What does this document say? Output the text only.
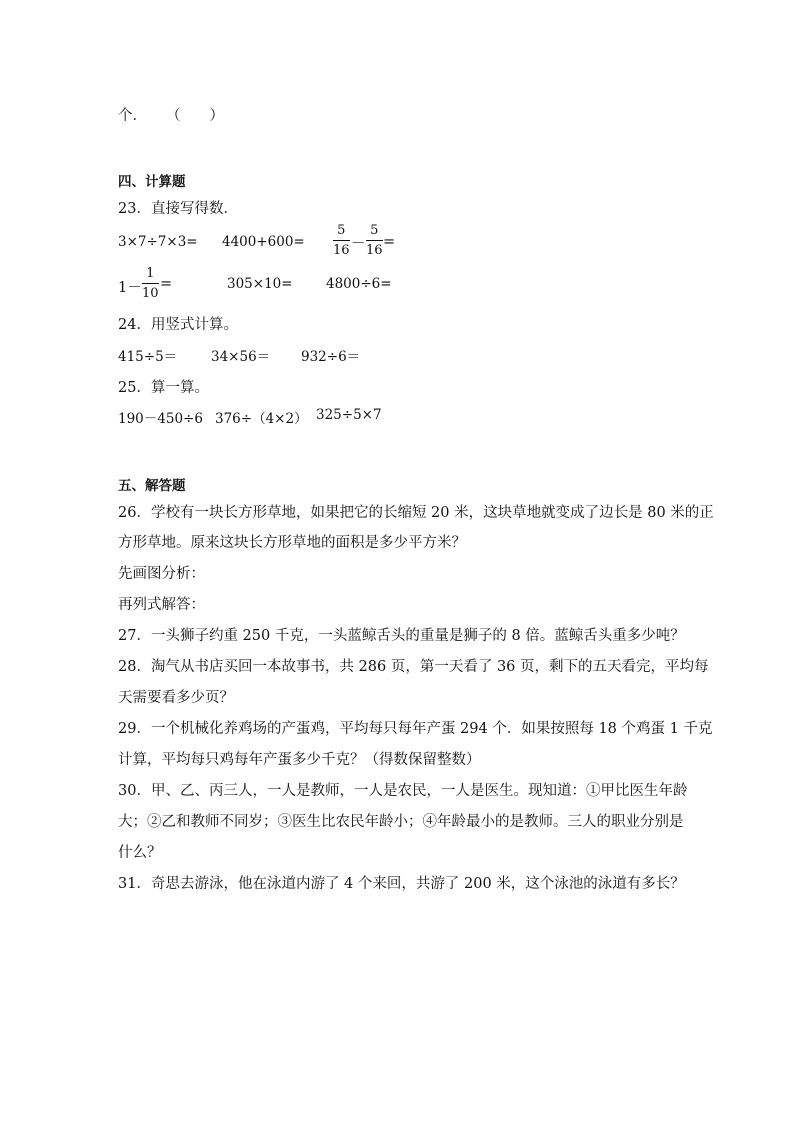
个． （　　）
四、计算题
23．直接写得数．
$3\times 7\div 7\times 3= 4400+600= \frac{5}{16} - \frac{5}{16}$ =
$1- \frac{1}{10}$ =	305×10= 4800÷6=
24．用竖式计算。
415÷5＝	34×56＝ 932÷6＝
25．算一算。
190－450÷6 376÷（4×2） 325÷5×7
五、解答题
26．学校有一块长方形草地，如果把它的长缩短 20 米，这块草地就变成了边长是 80 米的正
方形草地。原来这块长方形草地的面积是多少平方米？
先画图分析：
再列式解答：
27．一头狮子约重 250 千克，一头蓝鲸舌头的重量是狮子的 8 倍。蓝鲸舌头重多少吨？
28．淘气从书店买回一本故事书，共 286 页，第一天看了 36 页，剩下的五天看完，平均每
天需要看多少页？
29．一个机械化养鸡场的产蛋鸡，平均每只每年产蛋 294 个．如果按照每 18 个鸡蛋 1 千克
计算，平均每只鸡每年产蛋多少千克？（得数保留整数）
30．甲、乙、丙三人，一人是教师，一人是农民，一人是医生。现知道：①甲比医生年龄
大；②乙和教师不同岁；③医生比农民年龄小；④年龄最小的是教师。三人的职业分别是
什么？
31．奇思去游泳，他在泳道内游了 4 个来回，共游了 200 米，这个泳池的泳道有多长？
